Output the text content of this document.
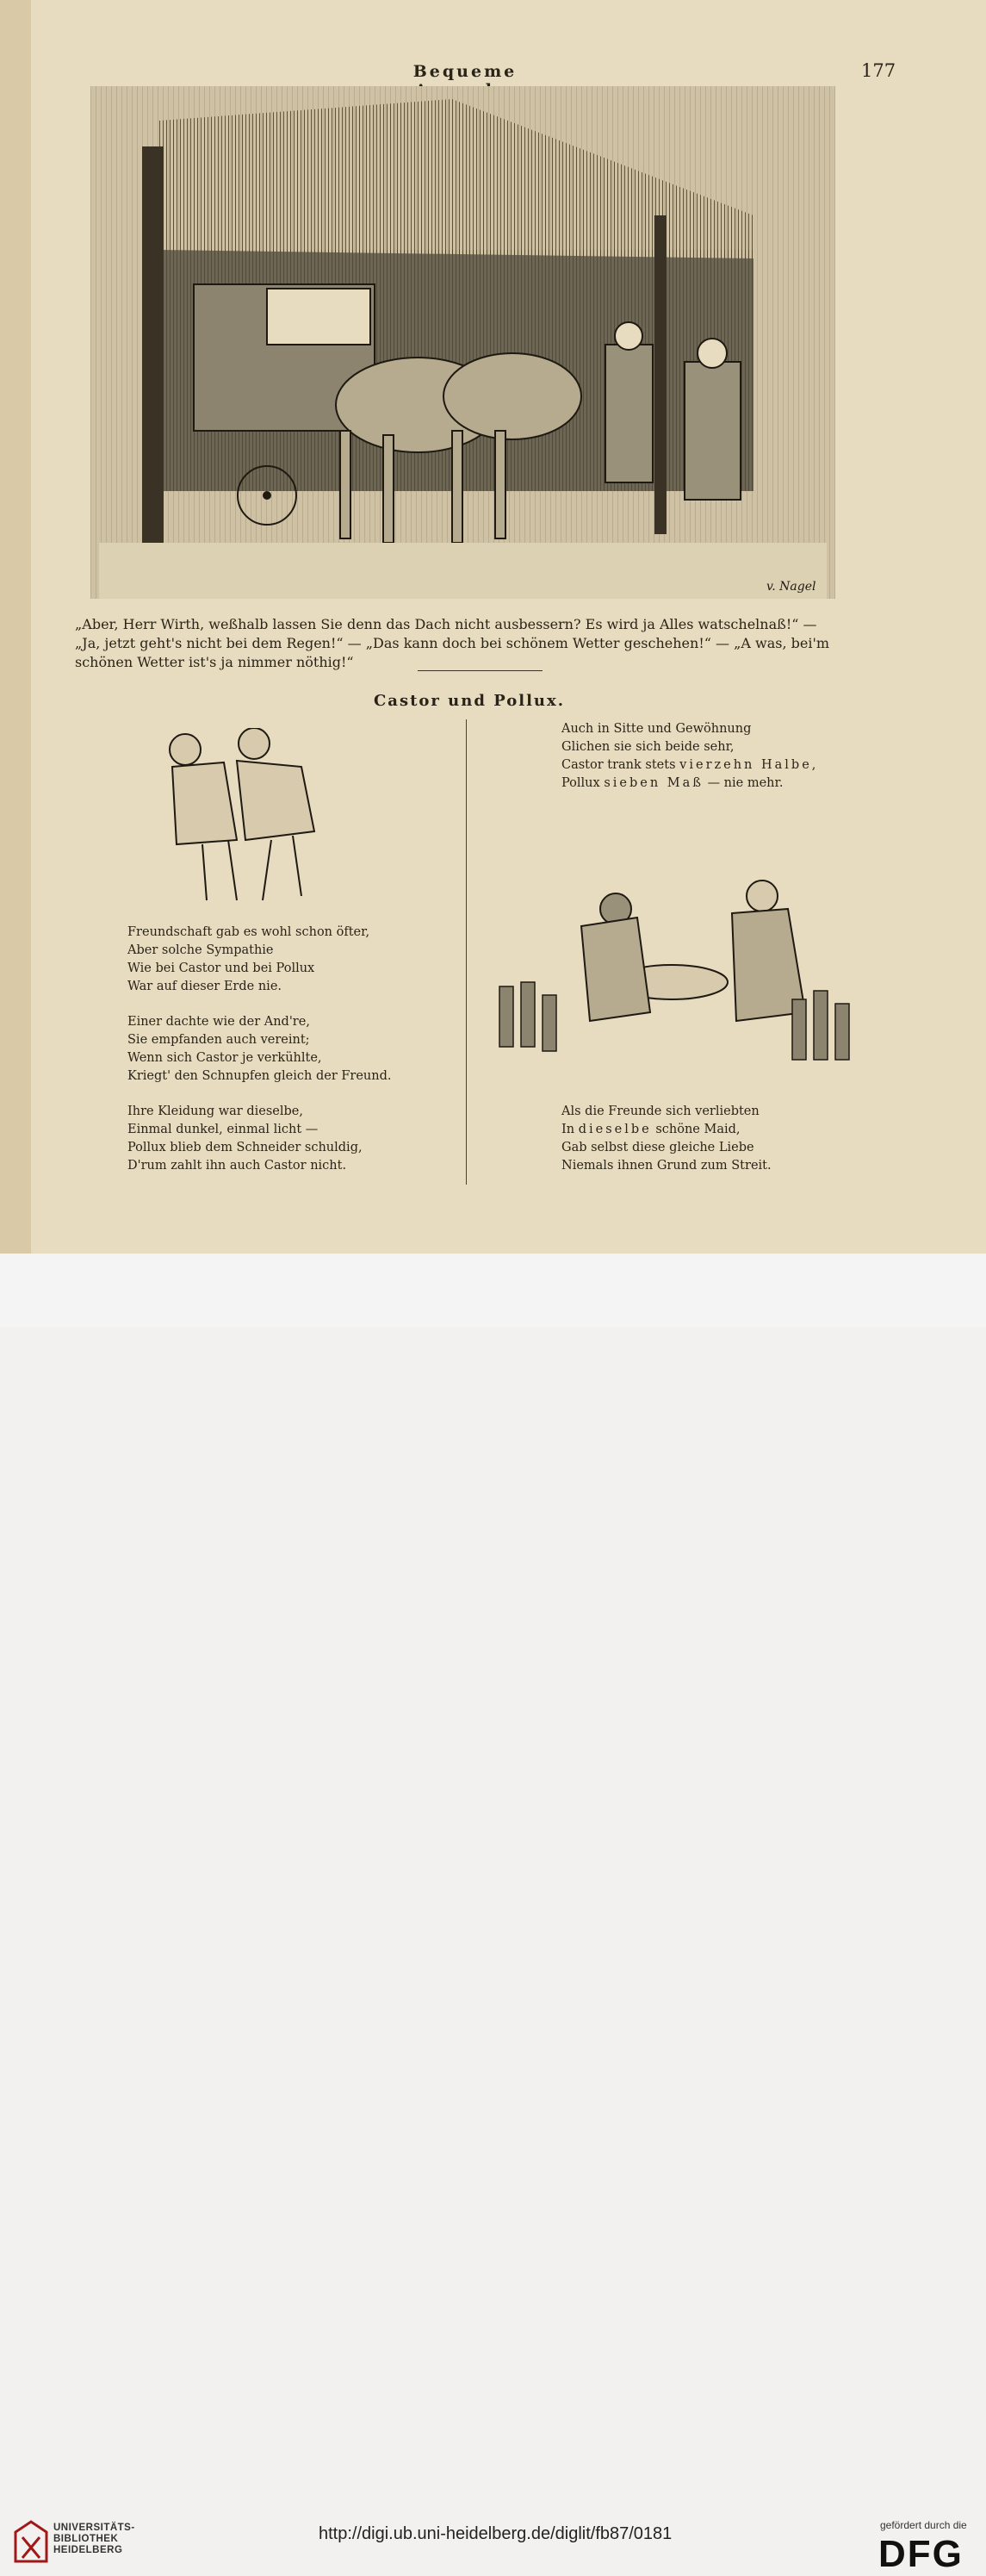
Bequeme	177
v. Nagel

„Aber, Herr Wirth, weßhalb lassen Sie denn das Dach nicht ausbessern? Es wird ja Alles watschelnaß!“ —

„Ja, jetzt geht's nicht bei dem Regen!“ — „Das kann doch bei schönem Wetter geschehen!“ — „A was, bei'm

schönen Wetter ist's ja nimmer nöthig!“

Castor und Pollux.
Freundschaft gab es wohl schon öfter,
Aber solche Sympathie
Wie bei Castor und bei Pollux
War auf dieser Erde nie.
Einer dachte wie der And're,
Sie empfanden auch vereint;
Wenn sich Castor je verkühlte,
Kriegt' den Schnupfen gleich der Freund.
Ihre Kleidung war dieselbe,
Einmal dunkel, einmal licht —
Pollux blieb dem Schneider schuldig,
D'rum zahlt ihn auch Castor nicht.
Auch in Sitte und Gewöhnung
Glichen sie sich beide sehr,
Castor trank stets vierzehn Halbe,
Pollux sieben Maß — nie mehr.
Als die Freunde sich verliebten
In dieselbe schöne Maid,
Gab selbst diese gleiche Liebe
Niemals ihnen Grund zum Streit.
UNIVERSITÄTS-
BIBLIOTHEK
HEIDELBERG
http://digi.ub.uni-heidelberg.de/diglit/fb87/0181	gefördert durch die
DFG
